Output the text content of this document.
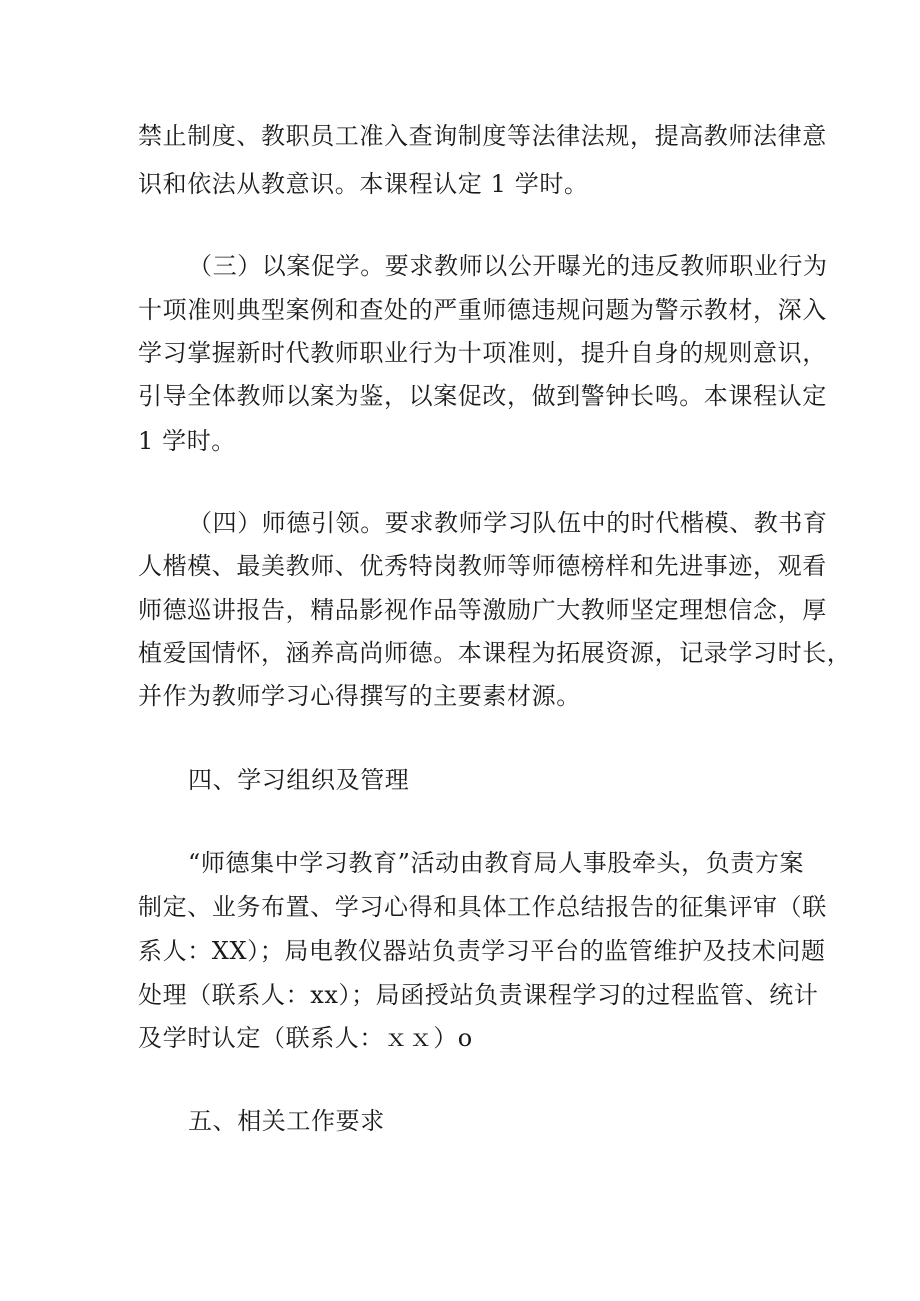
禁止制度、教职员工准入查询制度等法律法规，提高教师法律意
识和依法从教意识。本课程认定 1 学时。
（三）以案促学。要求教师以公开曝光的违反教师职业行为
十项准则典型案例和查处的严重师德违规问题为警示教材，深入
学习掌握新时代教师职业行为十项准则，提升自身的规则意识，
引导全体教师以案为鉴，以案促改，做到警钟长鸣。本课程认定
1 学时。
（四）师德引领。要求教师学习队伍中的时代楷模、教书育
人楷模、最美教师、优秀特岗教师等师德榜样和先进事迹，观看
师德巡讲报告，精品影视作品等激励广大教师坚定理想信念，厚
植爱国情怀，涵养高尚师德。本课程为拓展资源，记录学习时长，
并作为教师学习心得撰写的主要素材源。
四、学习组织及管理
“师德集中学习教育”活动由教育局人事股牵头，负责方案
制定、业务布置、学习心得和具体工作总结报告的征集评审（联
系人：XX）；局电教仪器站负责学习平台的监管维护及技术问题
处理（联系人：xx）；局函授站负责课程学习的过程监管、统计
及学时认定（联系人：ｘｘ）o
五、相关工作要求
